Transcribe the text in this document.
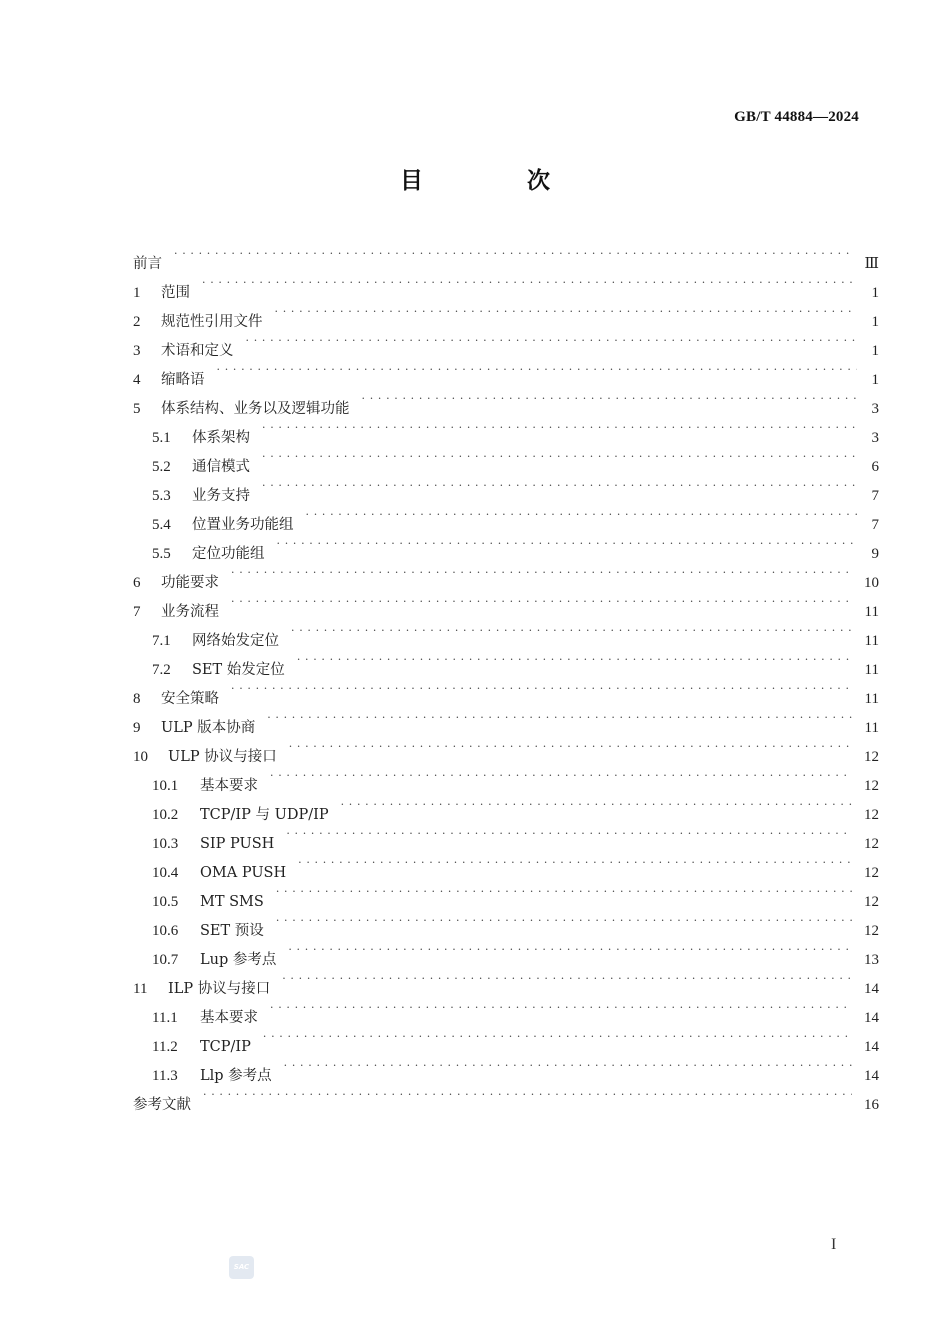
GB/T 44884—2024
目 次
前言 · · ·	Ⅲ
1	范围 · · ·	1
2	规范性引用文件 · · ·	1
3	术语和定义 · · ·	1
4	缩略语 · · ·	1
5	体系结构、业务以及逻辑功能 · · ·	3
5.1	体系架构 · · ·	3
5.2	通信模式 · · ·	6
5.3	业务支持 · · ·	7
5.4	位置业务功能组 · · ·	7
5.5	定位功能组 · · ·	9
6	功能要求 · · ·	10
7	业务流程 · · ·	11
7.1	网络始发定位 · · ·	11
7.2	SET 始发定位 · · ·	11
8	安全策略 · · ·	11
9	ULP 版本协商 · · ·	11
10	ULP 协议与接口 · · ·	12
10.1	基本要求 · · ·	12
10.2	TCP/IP 与 UDP/IP · · ·	12
10.3	SIP PUSH · · ·	12
10.4	OMA PUSH · · ·	12
10.5	MT SMS · · ·	12
10.6	SET 预设 · · ·	12
10.7	Lup 参考点 · · ·	13
11	ILP 协议与接口 · · ·	14
11.1	基本要求 · · ·	14
11.2	TCP/IP · · ·	14
11.3	Llp 参考点 · · ·	14
参考文献 · · ·	16
I
SAC
